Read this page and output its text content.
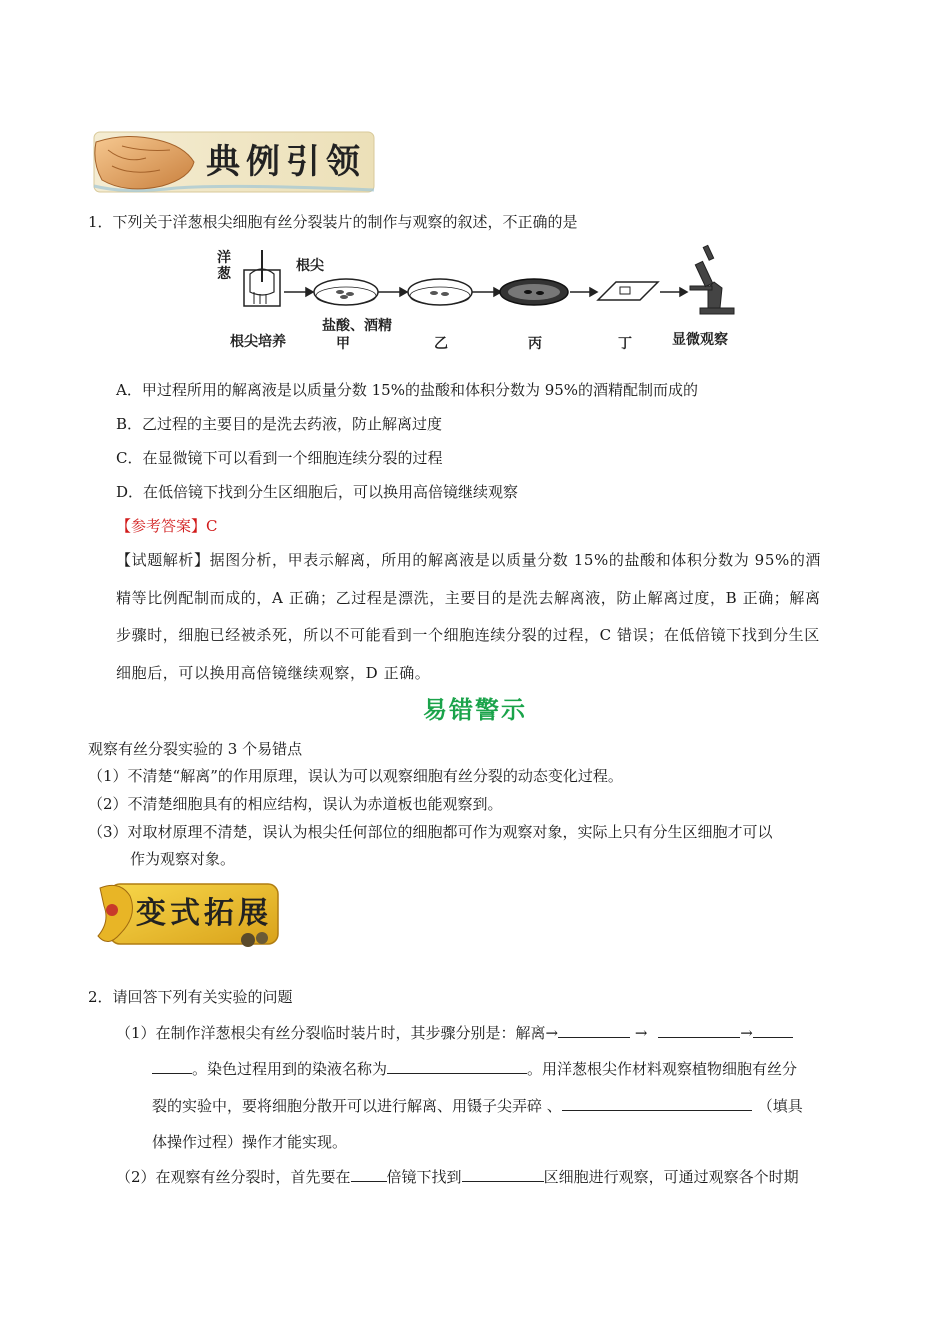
典例引领
1．下列关于洋葱根尖细胞有丝分裂装片的制作与观察的叙述，不正确的是
根尖
根尖培养
盐酸、酒精
甲	乙	丙	丁	显微观察
洋葱
A．甲过程所用的解离液是以质量分数 15%的盐酸和体积分数为 95%的酒精配制而成的
B．乙过程的主要目的是洗去药液，防止解离过度
C．在显微镜下可以看到一个细胞连续分裂的过程
D．在低倍镜下找到分生区细胞后，可以换用高倍镜继续观察
【参考答案】C
【试题解析】据图分析，甲表示解离，所用的解离液是以质量分数 15%的盐酸和体积分数为 95%的酒
精等比例配制而成的，A 正确；乙过程是漂洗，主要目的是洗去解离液，防止解离过度，B 正确；解离
步骤时，细胞已经被杀死，所以不可能看到一个细胞连续分裂的过程，C 错误；在低倍镜下找到分生区
细胞后，可以换用高倍镜继续观察，D 正确。
易错警示
观察有丝分裂实验的 3 个易错点
（1）不清楚“解离”的作用原理，误认为可以观察细胞有丝分裂的动态变化过程。
（2）不清楚细胞具有的相应结构，误认为赤道板也能观察到。
（3）对取材原理不清楚，误认为根尖任何部位的细胞都可作为观察对象，实际上只有分生区细胞才可以
作为观察对象。
变式拓展
2．请回答下列有关实验的问题
（1）在制作洋葱根尖有丝分裂临时装片时，其步骤分别是：解离→	→	→
。染色过程用到的染液名称为	。用洋葱根尖作材料观察植物细胞有丝分
裂的实验中，要将细胞分散开可以进行解离、用镊子尖弄碎 、	（填具
体操作过程）操作才能实现。
（2）在观察有丝分裂时，首先要在 倍镜下找到	区细胞进行观察，可通过观察各个时期
